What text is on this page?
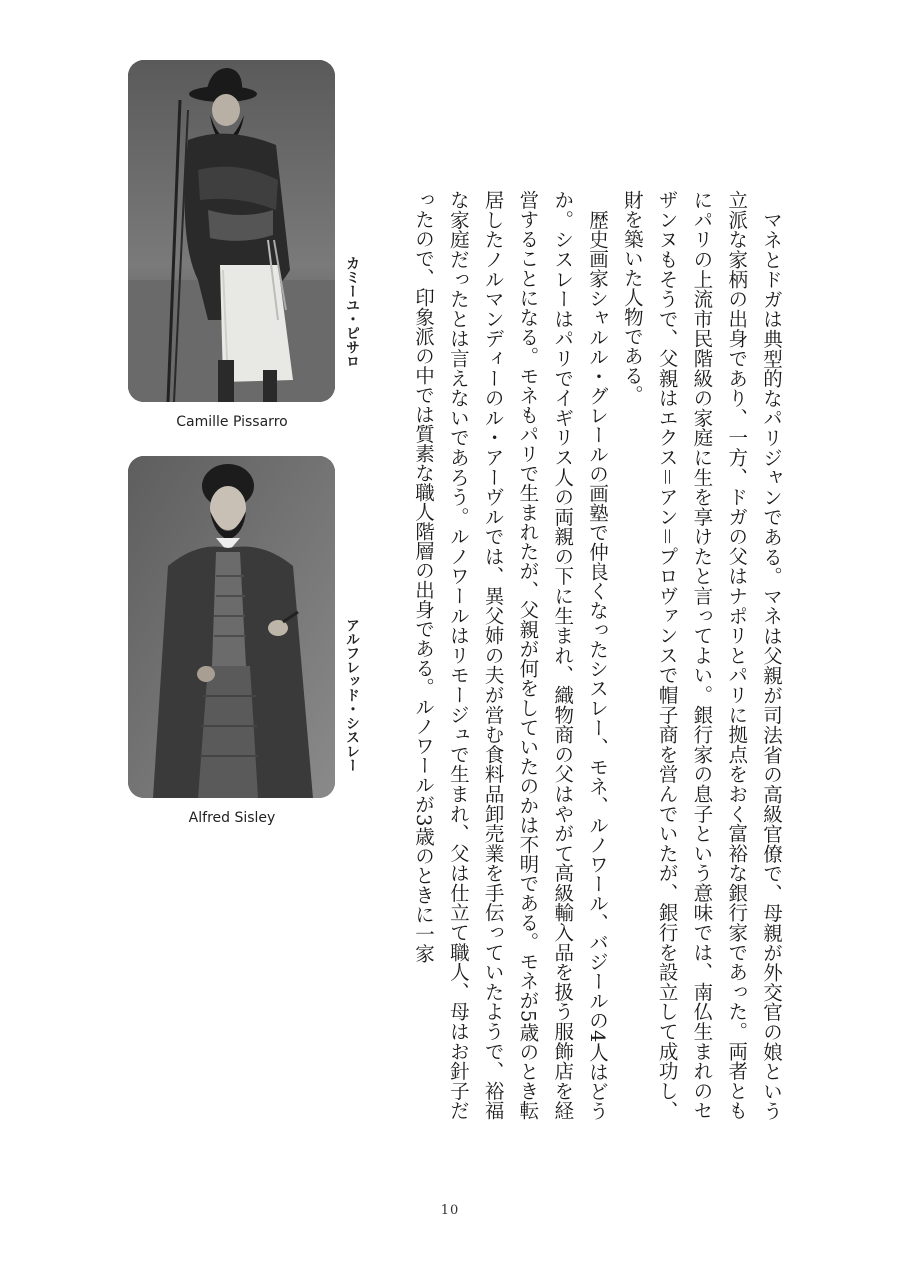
Camille Pissarro
カミーユ・ピサロ
Alfred Sisley
アルフレッド・シスレー	マネとドガは典型的なパリジャンである。マネは父親が司法省の高級官僚で、母親が外交官の娘という立派な家柄の出身であり、一方、ドガの父はナポリとパリに拠点をおく富裕な銀行家であった。両者ともにパリの上流市民階級の家庭に生を享けたと言ってよい。銀行家の息子という意味では、南仏生まれのセザンヌもそうで、父親はエクス＝アン＝プロヴァンスで帽子商を営んでいたが、銀行を設立して成功し、財を築いた人物である。

歴史画家シャルル・グレールの画塾で仲良くなったシスレー、モネ、ルノワール、バジールの4人はどうか。シスレーはパリでイギリス人の両親の下に生まれ、織物商の父はやがて高級輸入品を扱う服飾店を経営することになる。モネもパリで生まれたが、父親が何をしていたのかは不明である。モネが5歳のとき転居したノルマンディーのル・アーヴルでは、異父姉の夫が営む食料品卸売業を手伝っていたようで、裕福な家庭だったとは言えないであろう。ルノワールはリモージュで生まれ、父は仕立て職人、母はお針子だったので、印象派の中では質素な職人階層の出身である。ルノワールが3歳のときに一家

10
